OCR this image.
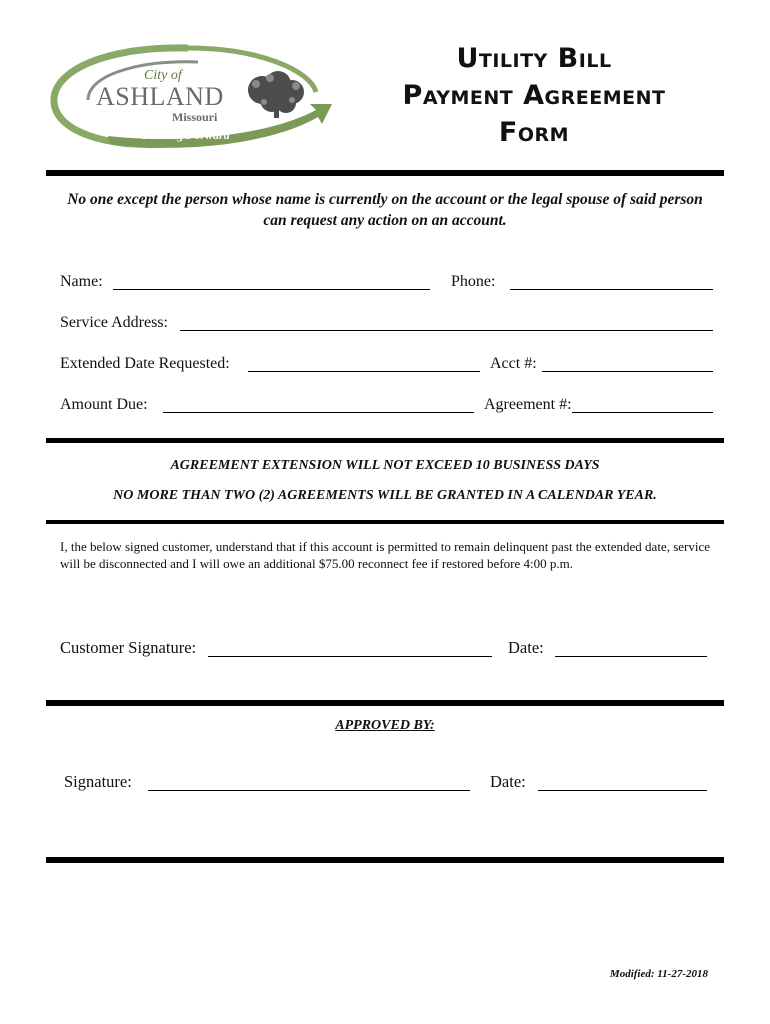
City of
ASHLAND
Missouri
Growing Forward
Utility Bill
Payment Agreement
Form
No one except the person whose name is currently on the account or the legal spouse of said person can request any action on an account.
Name:	Phone:
Service Address:
Extended Date Requested:	Acct #:
Amount Due:	Agreement #:
AGREEMENT EXTENSION WILL NOT EXCEED 10 BUSINESS DAYS
NO MORE THAN TWO (2) AGREEMENTS WILL BE GRANTED IN A CALENDAR YEAR.
I, the below signed customer, understand that if this account is permitted to remain delinquent past the extended date, service will be disconnected and I will owe an additional $75.00 reconnect fee if restored before 4:00 p.m.
Customer Signature:	Date:
APPROVED BY:
Signature:	Date:
Modified: 11-27-2018
